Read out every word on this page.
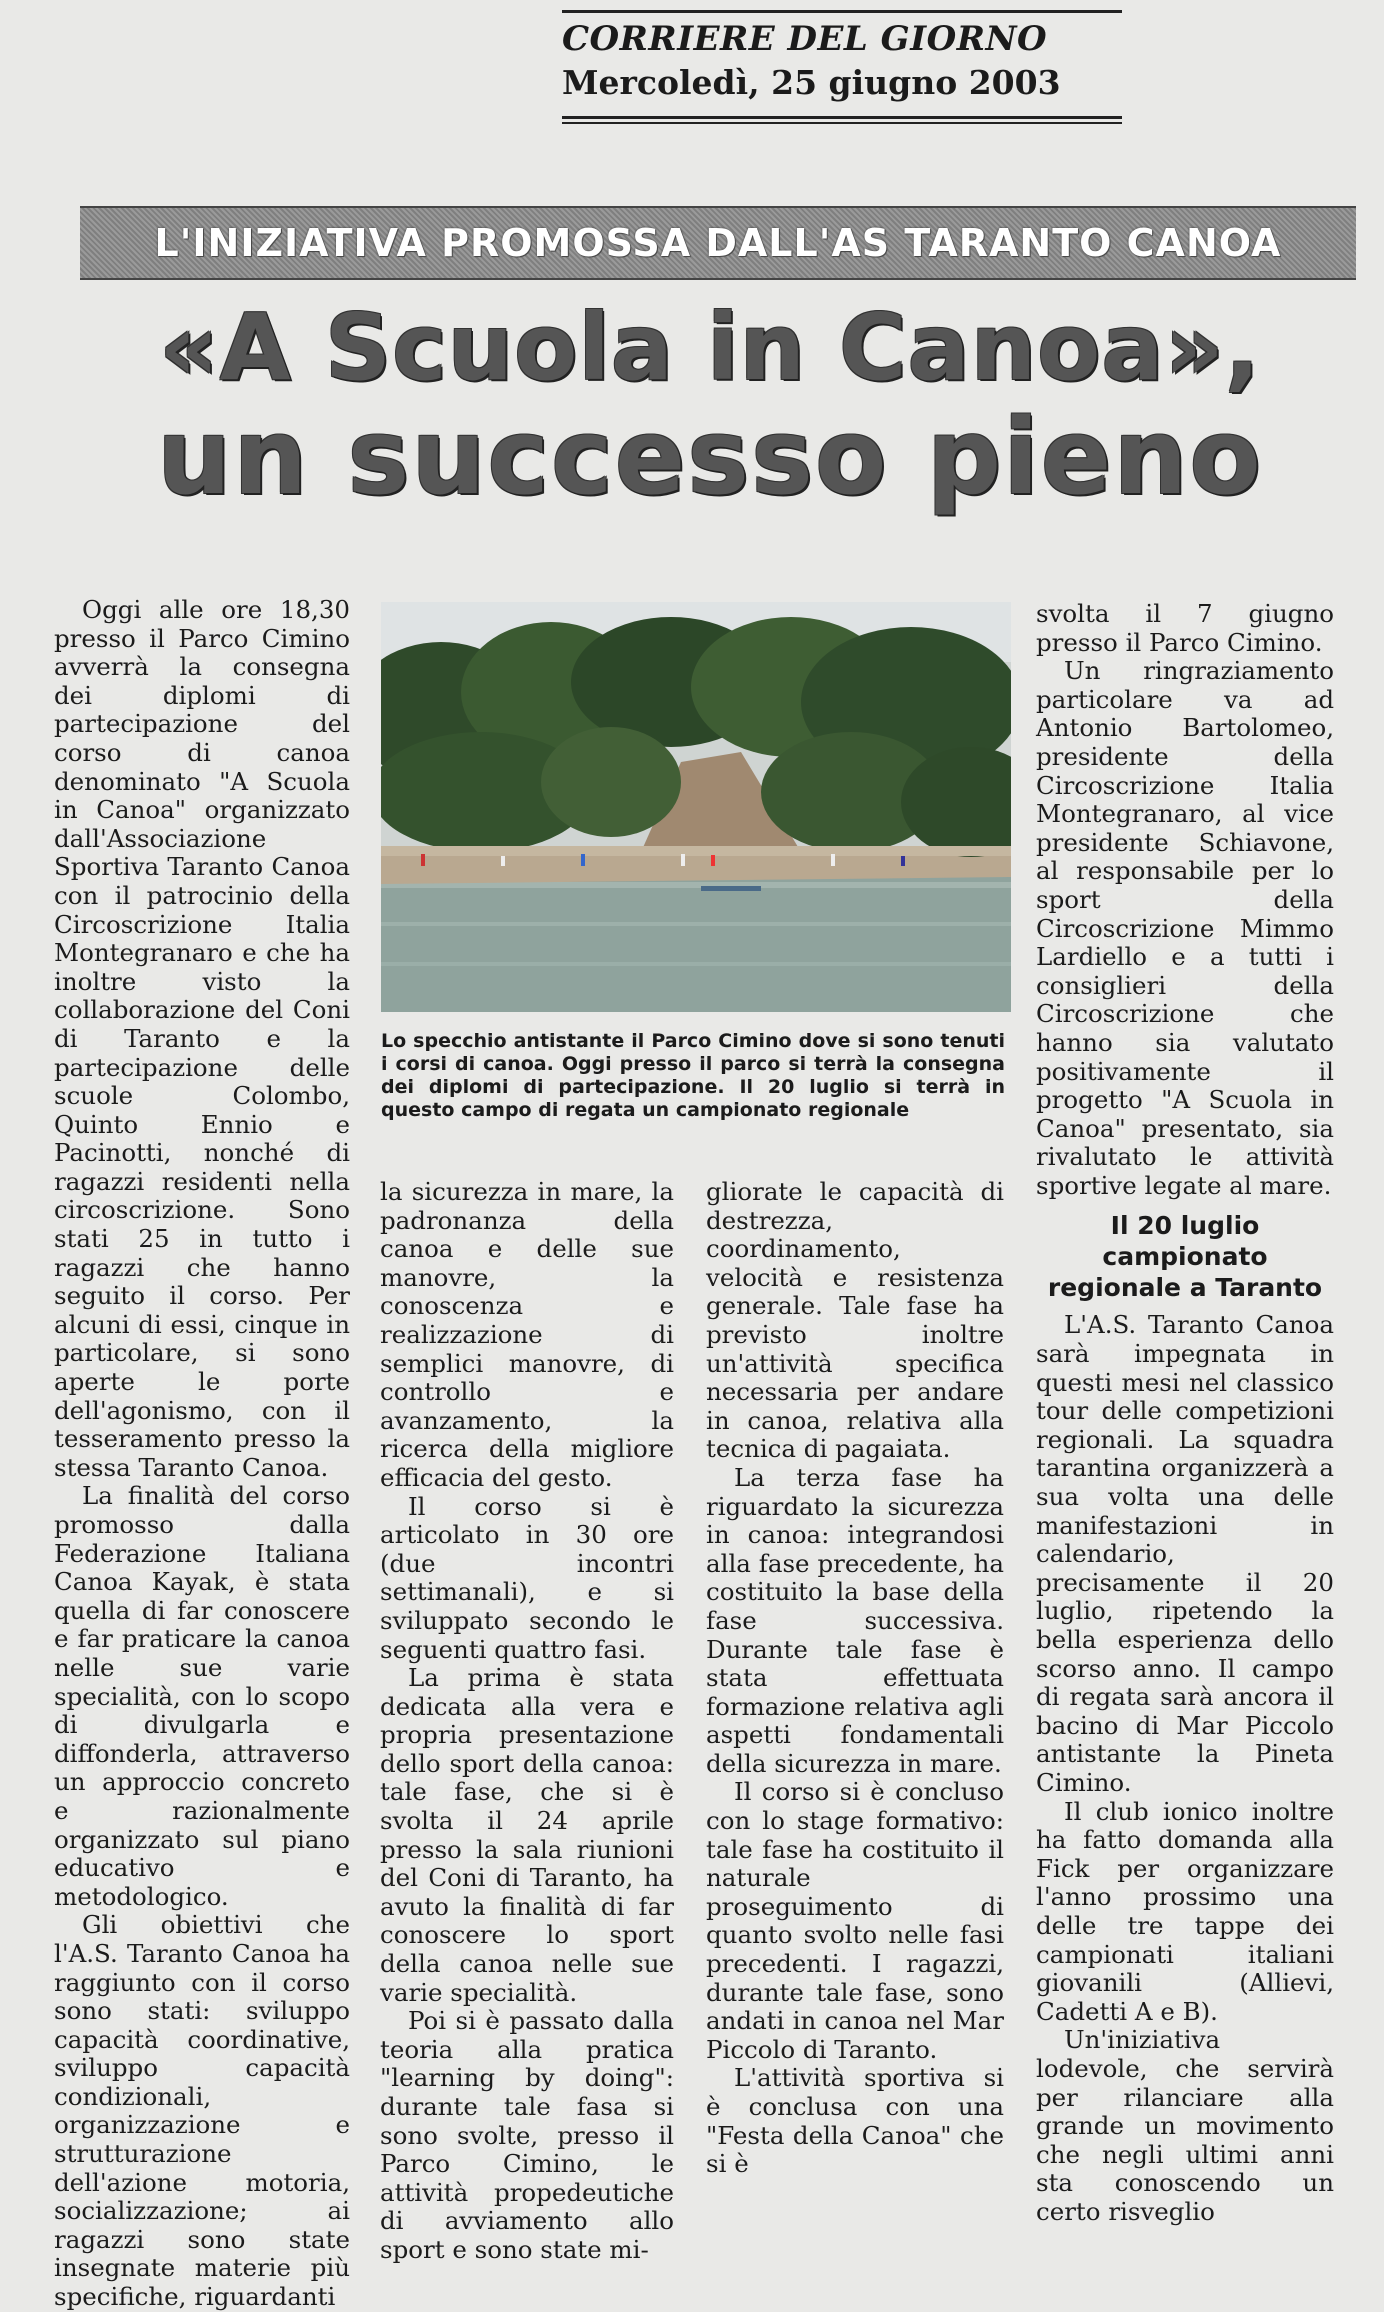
CORRIERE DEL GIORNO
Mercoledì, 25 giugno 2003
L'INIZIATIVA PROMOSSA DALL'AS TARANTO CANOA
«A Scuola in Canoa»,
un successo pieno

Oggi alle ore 18,30 presso il Parco Cimino avverrà la consegna dei diplomi di partecipazione del corso di canoa denominato "A Scuola in Canoa" organizzato dall'Associazione Sportiva Taranto Canoa con il patrocinio della Circoscrizione Italia Montegranaro e che ha inoltre visto la collaborazione del Coni di Taranto e la partecipazione delle scuole Colombo, Quinto Ennio e Pacinotti, nonché di ragazzi residenti nella circoscrizione. Sono stati 25 in tutto i ragazzi che hanno seguito il corso. Per alcuni di essi, cinque in particolare, si sono aperte le porte dell'agonismo, con il tesseramento presso la stessa Taranto Canoa.

La finalità del corso promosso dalla Federazione Italiana Canoa Kayak, è stata quella di far conoscere e far praticare la canoa nelle sue varie specialità, con lo scopo di divulgarla e diffonderla, attraverso un approccio concreto e razionalmente organizzato sul piano educativo e metodologico.

Gli obiettivi che l'A.S. Taranto Canoa ha raggiunto con il corso sono stati: sviluppo capacità coordinative, sviluppo capacità condizionali, organizzazione e strutturazione dell'azione motoria, socializzazione; ai ragazzi sono state insegnate materie più specifiche, riguardanti

Lo specchio antistante il Parco Cimino dove si sono tenuti i corsi di canoa. Oggi presso il parco si terrà la consegna dei diplomi di partecipazione. Il 20 luglio si terrà in questo campo di regata un campionato regionale

la sicurezza in mare, la padronanza della canoa e delle sue manovre, la conoscenza e realizzazione di semplici manovre, di controllo e avanzamento, la ricerca della migliore efficacia del gesto.

Il corso si è articolato in 30 ore (due incontri settimanali), e si sviluppato secondo le seguenti quattro fasi.

La prima è stata dedicata alla vera e propria presentazione dello sport della canoa: tale fase, che si è svolta il 24 aprile presso la sala riunioni del Coni di Taranto, ha avuto la finalità di far conoscere lo sport della canoa nelle sue varie specialità.

Poi si è passato dalla teoria alla pratica "learning by doing": durante tale fasa si sono svolte, presso il Parco Cimino, le attività propedeutiche di avviamento allo sport e sono state mi-

gliorate le capacità di destrezza, coordinamento, velocità e resistenza generale. Tale fase ha previsto inoltre un'attività specifica necessaria per andare in canoa, relativa alla tecnica di pagaiata.

La terza fase ha riguardato la sicurezza in canoa: integrandosi alla fase precedente, ha costituito la base della fase successiva. Durante tale fase è stata effettuata formazione relativa agli aspetti fondamentali della sicurezza in mare.

Il corso si è concluso con lo stage formativo: tale fase ha costituito il naturale proseguimento di quanto svolto nelle fasi precedenti. I ragazzi, durante tale fase, sono andati in canoa nel Mar Piccolo di Taranto.

L'attività sportiva si è conclusa con una "Festa della Canoa" che si è

svolta il 7 giugno presso il Parco Cimino.

Un ringraziamento particolare va ad Antonio Bartolomeo, presidente della Circoscrizione Italia Montegranaro, al vice presidente Schiavone, al responsabile per lo sport della Circoscrizione Mimmo Lardiello e a tutti i consiglieri della Circoscrizione che hanno sia valutato positivamente il progetto "A Scuola in Canoa" presentato, sia rivalutato le attività sportive legate al mare.

Il 20 luglio campionato regionale a Taranto

L'A.S. Taranto Canoa sarà impegnata in questi mesi nel classico tour delle competizioni regionali. La squadra tarantina organizzerà a sua volta una delle manifestazioni in calendario, precisamente il 20 luglio, ripetendo la bella esperienza dello scorso anno. Il campo di regata sarà ancora il bacino di Mar Piccolo antistante la Pineta Cimino.

Il club ionico inoltre ha fatto domanda alla Fick per organizzare l'anno prossimo una delle tre tappe dei campionati italiani giovanili (Allievi, Cadetti A e B).

Un'iniziativa lodevole, che servirà per rilanciare alla grande un movimento che negli ultimi anni sta conoscendo un certo risveglio
